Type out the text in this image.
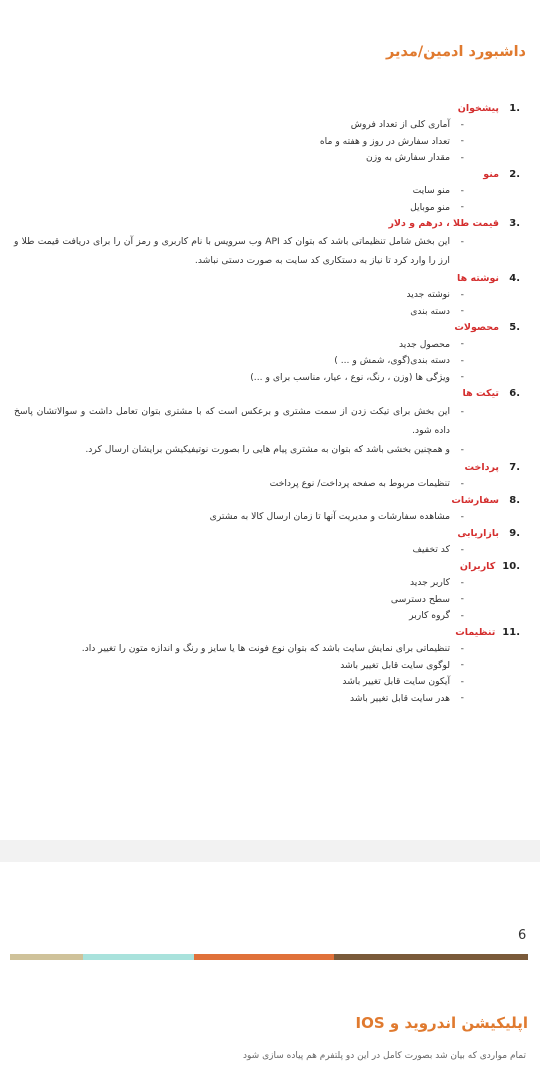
داشبورد ادمین/مدیر
.1
پیشخوان
-
آماری کلی از تعداد فروش
-
تعداد سفارش در روز و هفته و ماه
-
مقدار سفارش به وزن
.2
منو
-
منو سایت
-
منو موبایل
.3
قیمت طلا ، درهم و دلار
-
این بخش شامل تنظیماتی باشد که بتوان کد API وب سرویس با نام کاربری و رمز آن را برای دریافت قیمت طلا و ارز را وارد کرد تا نیاز به دستکاری کد سایت به صورت دستی نباشد.
.4
نوشته ها
-
نوشته جدید
-
دسته بندی
.5
محصولات
-
محصول جدید
-
دسته بندی(گوی، شمش و ... )
-
ویژگی ها (وزن ، رنگ، نوع ، عیار، مناسب برای و ...)
.6
تیکت ها
-
این بخش برای تیکت زدن از سمت مشتری و برعکس است که با مشتری بتوان تعامل داشت و سوالاتشان پاسخ داده شود.
-
و همچنین بخشی باشد که بتوان به مشتری پیام هایی را بصورت نوتیفیکیشن برایشان ارسال کرد.
.7
پرداخت
-
تنظیمات مربوط به صفحه پرداخت/ نوع پرداخت
.8
سفارشات
-
مشاهده سفارشات و مدیریت آنها تا زمان ارسال کالا به مشتری
.9
بازاریابی
-
کد تخفیف
.10
کاربران
-
کاربر جدید
-
سطح دسترسی
-
گروه کاربر
.11
تنظیمات
-
تنظیماتی برای نمایش سایت باشد که بتوان نوع فونت ها یا سایز و رنگ و اندازه متون را تغییر داد.
-
لوگوی سایت قابل تغییر باشد
-
آیکون سایت قابل تغییر باشد
-
هدر سایت قابل تغییر باشد
6
اپلیکیشن اندروید و IOS
تمام مواردی که بیان شد بصورت کامل در این دو پلتفرم هم پیاده سازی شود
